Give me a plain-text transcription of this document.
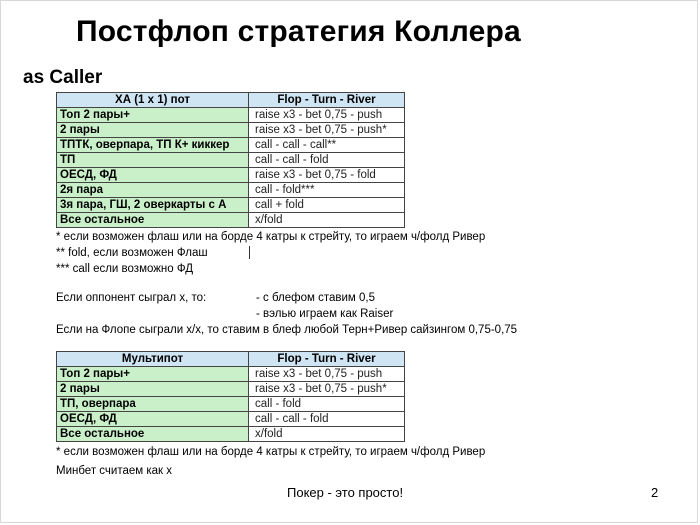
Постфлоп стратегия Коллера
as Caller
ХА (1 x 1) пот	Flop - Turn - River
Топ 2 пары+	raise x3 - bet 0,75 - push
2 пары	raise x3 - bet 0,75 - push*
ТПТК, оверпара, ТП К+ киккер	call - call - call**
ТП	call - call - fold
ОЕСД, ФД	raise x3 - bet 0,75 - fold
2я пара	call - fold***
3я пара, ГШ, 2 оверкарты с А	call + fold
Все остальное	x/fold
* если возможен флаш или на борде 4 катры к стрейту, то играем ч/фолд Ривер
** fold, если возможен Флаш
*** call если возможно ФД
Если оппонент сыграл х, то:	- с блефом ставим 0,5
- вэлью играем как Raiser
Если на Флопе сыграли х/х, то ставим в блеф любой Терн+Ривер сайзингом 0,75-0,75
Мультипот	Flop - Turn - River
Топ 2 пары+	raise x3 - bet 0,75 - push
2 пары	raise x3 - bet 0,75 - push*
ТП, оверпара	call - fold
ОЕСД, ФД	call - call - fold
Все остальное	x/fold
* если возможен флаш или на борде 4 катры к стрейту, то играем ч/фолд Ривер
Минбет считаем как х
Покер - это просто!	2
